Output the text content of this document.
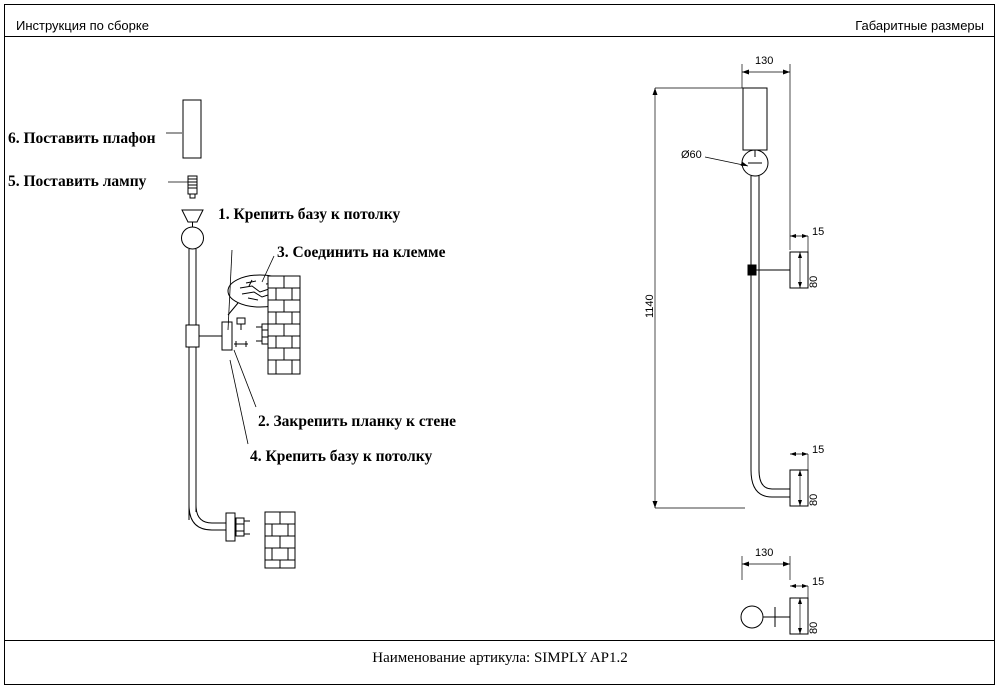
Инструкция по сборке	Габаритные размеры
6. Поставить плафон
5. Поставить лампу
1. Крепить базу к потолку
3. Соединить на клемме
2. Закрепить планку к стене
4. Крепить базу к потолку
130
Ø60
1140
15
80
15
80
130
15
80
Наименование артикула: SIMPLY AP1.2
